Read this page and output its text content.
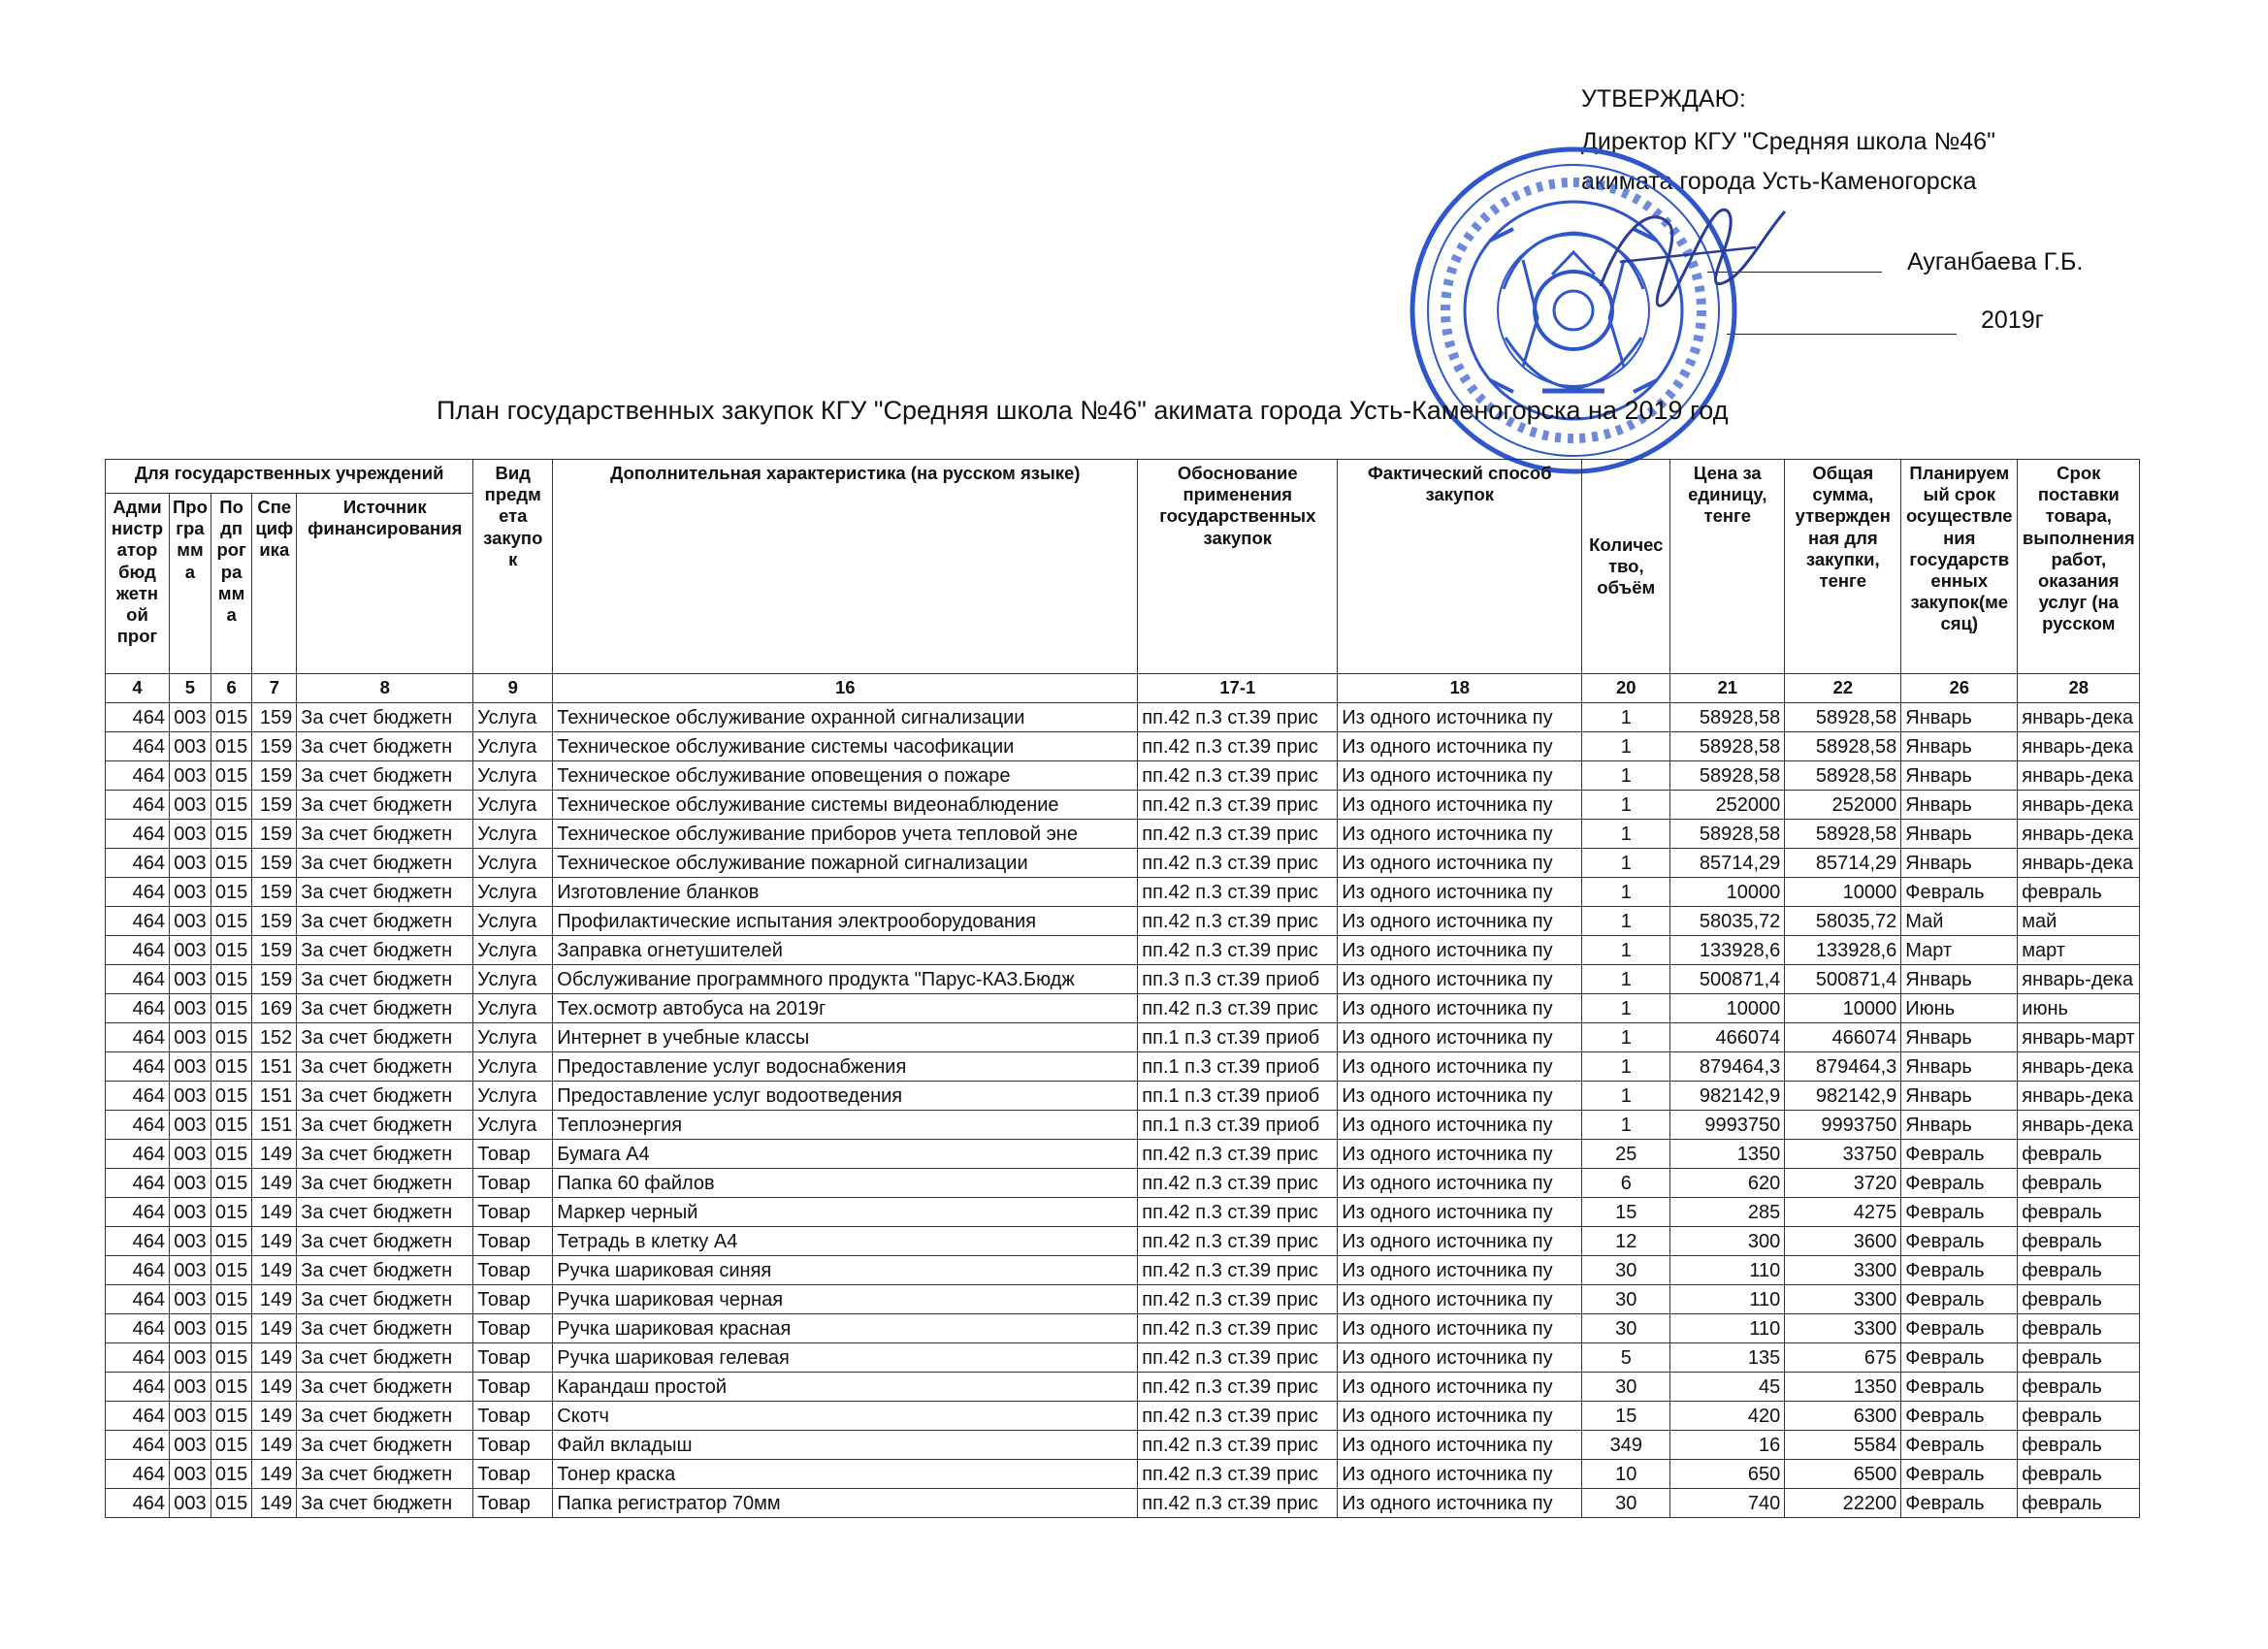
УТВЕРЖДАЮ:
Директор КГУ "Средняя школа №46"
акимата города Усть-Каменогорска
Ауганбаева Г.Б.
2019г
План государственных закупок КГУ "Средняя школа №46" акимата города Усть-Каменогорска на 2019 год
Для государственных учреждений					Вид предм ета закупо к	Дополнительная характеристика (на русском языке)	Обоснование применения государственных закупок	Фактический способ закупок	Количес тво, объём	Цена за единицу, тенге	Общая сумма, утвержден ная для закупки, тенге	Планируем ый срок осуществле ния государств енных закупок(ме сяц)	Срок поставки товара, выполнения работ, оказания услуг (на русском
Адми нистр атор бюд жетн ой прог	Про гра мм а	По дп рог ра мм а	Спе циф ика	Источник финансирования									
4	5	6	7	8	9	16	17-1	18	20	21	22	26	28
464	003	015	159	За счет бюджетн	Услуга	Техническое обслуживание охранной сигнализации	пп.42 п.3 ст.39 прис	Из одного источника пу	1	58928,58	58928,58	Январь	январь-дека
464	003	015	159	За счет бюджетн	Услуга	Техническое обслуживание системы часофикации	пп.42 п.3 ст.39 прис	Из одного источника пу	1	58928,58	58928,58	Январь	январь-дека
464	003	015	159	За счет бюджетн	Услуга	Техническое обслуживание оповещения о пожаре	пп.42 п.3 ст.39 прис	Из одного источника пу	1	58928,58	58928,58	Январь	январь-дека
464	003	015	159	За счет бюджетн	Услуга	Техническое обслуживание системы видеонаблюдение	пп.42 п.3 ст.39 прис	Из одного источника пу	1	252000	252000	Январь	январь-дека
464	003	015	159	За счет бюджетн	Услуга	Техническое обслуживание приборов учета тепловой эне	пп.42 п.3 ст.39 прис	Из одного источника пу	1	58928,58	58928,58	Январь	январь-дека
464	003	015	159	За счет бюджетн	Услуга	Техническое обслуживание пожарной сигнализации	пп.42 п.3 ст.39 прис	Из одного источника пу	1	85714,29	85714,29	Январь	январь-дека
464	003	015	159	За счет бюджетн	Услуга	Изготовление бланков	пп.42 п.3 ст.39 прис	Из одного источника пу	1	10000	10000	Февраль	февраль
464	003	015	159	За счет бюджетн	Услуга	Профилактические испытания электрооборудования	пп.42 п.3 ст.39 прис	Из одного источника пу	1	58035,72	58035,72	Май	май
464	003	015	159	За счет бюджетн	Услуга	Заправка огнетушителей	пп.42 п.3 ст.39 прис	Из одного источника пу	1	133928,6	133928,6	Март	март
464	003	015	159	За счет бюджетн	Услуга	Обслуживание программного продукта "Парус-КАЗ.Бюдж	пп.3 п.3 ст.39 приоб	Из одного источника пу	1	500871,4	500871,4	Январь	январь-дека
464	003	015	169	За счет бюджетн	Услуга	Тех.осмотр автобуса на 2019г	пп.42 п.3 ст.39 прис	Из одного источника пу	1	10000	10000	Июнь	июнь
464	003	015	152	За счет бюджетн	Услуга	Интернет в учебные классы	пп.1 п.3 ст.39 приоб	Из одного источника пу	1	466074	466074	Январь	январь-март
464	003	015	151	За счет бюджетн	Услуга	Предоставление услуг водоснабжения	пп.1 п.3 ст.39 приоб	Из одного источника пу	1	879464,3	879464,3	Январь	январь-дека
464	003	015	151	За счет бюджетн	Услуга	Предоставление услуг водоотведения	пп.1 п.3 ст.39 приоб	Из одного источника пу	1	982142,9	982142,9	Январь	январь-дека
464	003	015	151	За счет бюджетн	Услуга	Теплоэнергия	пп.1 п.3 ст.39 приоб	Из одного источника пу	1	9993750	9993750	Январь	январь-дека
464	003	015	149	За счет бюджетн	Товар	Бумага А4	пп.42 п.3 ст.39 прис	Из одного источника пу	25	1350	33750	Февраль	февраль
464	003	015	149	За счет бюджетн	Товар	Папка 60 файлов	пп.42 п.3 ст.39 прис	Из одного источника пу	6	620	3720	Февраль	февраль
464	003	015	149	За счет бюджетн	Товар	Маркер черный	пп.42 п.3 ст.39 прис	Из одного источника пу	15	285	4275	Февраль	февраль
464	003	015	149	За счет бюджетн	Товар	Тетрадь в клетку А4	пп.42 п.3 ст.39 прис	Из одного источника пу	12	300	3600	Февраль	февраль
464	003	015	149	За счет бюджетн	Товар	Ручка шариковая синяя	пп.42 п.3 ст.39 прис	Из одного источника пу	30	110	3300	Февраль	февраль
464	003	015	149	За счет бюджетн	Товар	Ручка шариковая черная	пп.42 п.3 ст.39 прис	Из одного источника пу	30	110	3300	Февраль	февраль
464	003	015	149	За счет бюджетн	Товар	Ручка шариковая красная	пп.42 п.3 ст.39 прис	Из одного источника пу	30	110	3300	Февраль	февраль
464	003	015	149	За счет бюджетн	Товар	Ручка шариковая гелевая	пп.42 п.3 ст.39 прис	Из одного источника пу	5	135	675	Февраль	февраль
464	003	015	149	За счет бюджетн	Товар	Карандаш простой	пп.42 п.3 ст.39 прис	Из одного источника пу	30	45	1350	Февраль	февраль
464	003	015	149	За счет бюджетн	Товар	Скотч	пп.42 п.3 ст.39 прис	Из одного источника пу	15	420	6300	Февраль	февраль
464	003	015	149	За счет бюджетн	Товар	Файл вкладыш	пп.42 п.3 ст.39 прис	Из одного источника пу	349	16	5584	Февраль	февраль
464	003	015	149	За счет бюджетн	Товар	Тонер краска	пп.42 п.3 ст.39 прис	Из одного источника пу	10	650	6500	Февраль	февраль
464	003	015	149	За счет бюджетн	Товар	Папка регистратор 70мм	пп.42 п.3 ст.39 прис	Из одного источника пу	30	740	22200	Февраль	февраль
